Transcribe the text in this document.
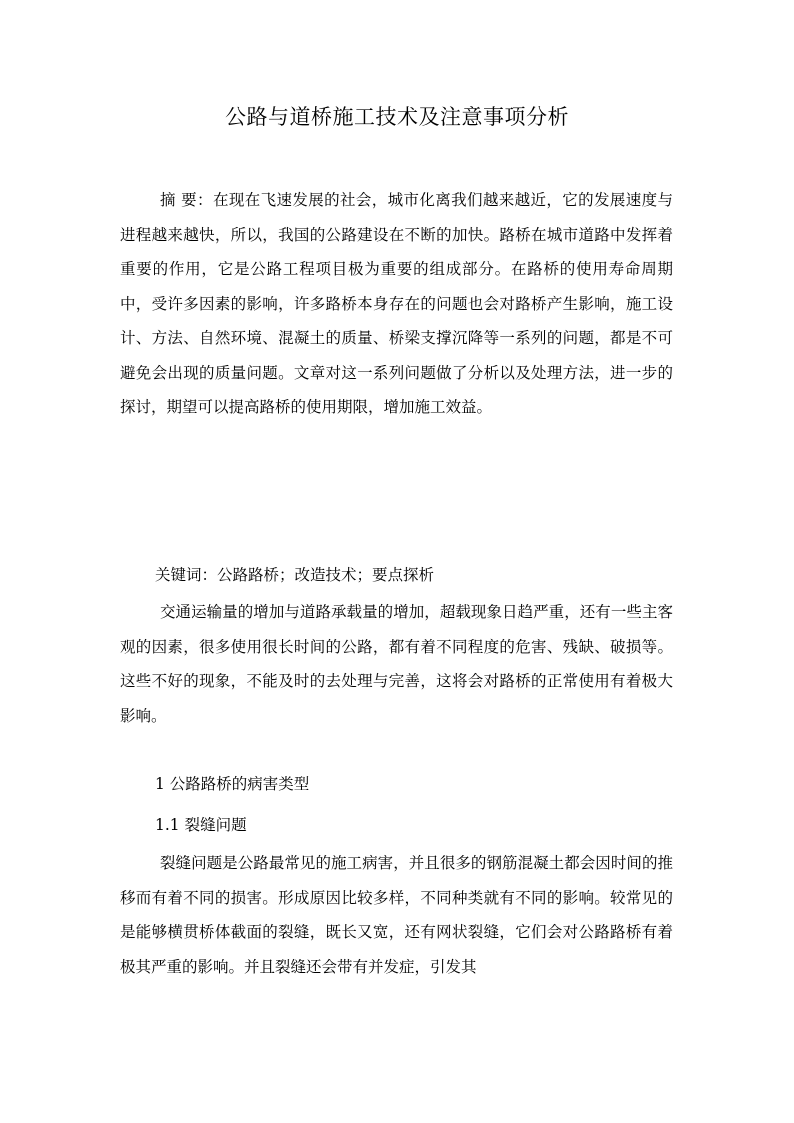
公路与道桥施工技术及注意事项分析

摘 要：在现在飞速发展的社会，城市化离我们越来越近，它的发展速度与进程越来越快，所以，我国的公路建设在不断的加快。路桥在城市道路中发挥着重要的作用，它是公路工程项目极为重要的组成部分。在路桥的使用寿命周期中，受许多因素的影响，许多路桥本身存在的问题也会对路桥产生影响，施工设计、方法、自然环境、混凝土的质量、桥梁支撑沉降等一系列的问题，都是不可避免会出现的质量问题。文章对这一系列问题做了分析以及处理方法，进一步的探讨，期望可以提高路桥的使用期限，增加施工效益。

关键词：公路路桥；改造技术；要点探析

交通运输量的增加与道路承载量的增加，超载现象日趋严重，还有一些主客观的因素，很多使用很长时间的公路，都有着不同程度的危害、残缺、破损等。这些不好的现象，不能及时的去处理与完善，这将会对路桥的正常使用有着极大影响。

1 公路路桥的病害类型
1.1 裂缝问题

裂缝问题是公路最常见的施工病害，并且很多的钢筋混凝土都会因时间的推移而有着不同的损害。形成原因比较多样，不同种类就有不同的影响。较常见的是能够横贯桥体截面的裂缝，既长又宽，还有网状裂缝，它们会对公路路桥有着极其严重的影响。并且裂缝还会带有并发症，引发其
